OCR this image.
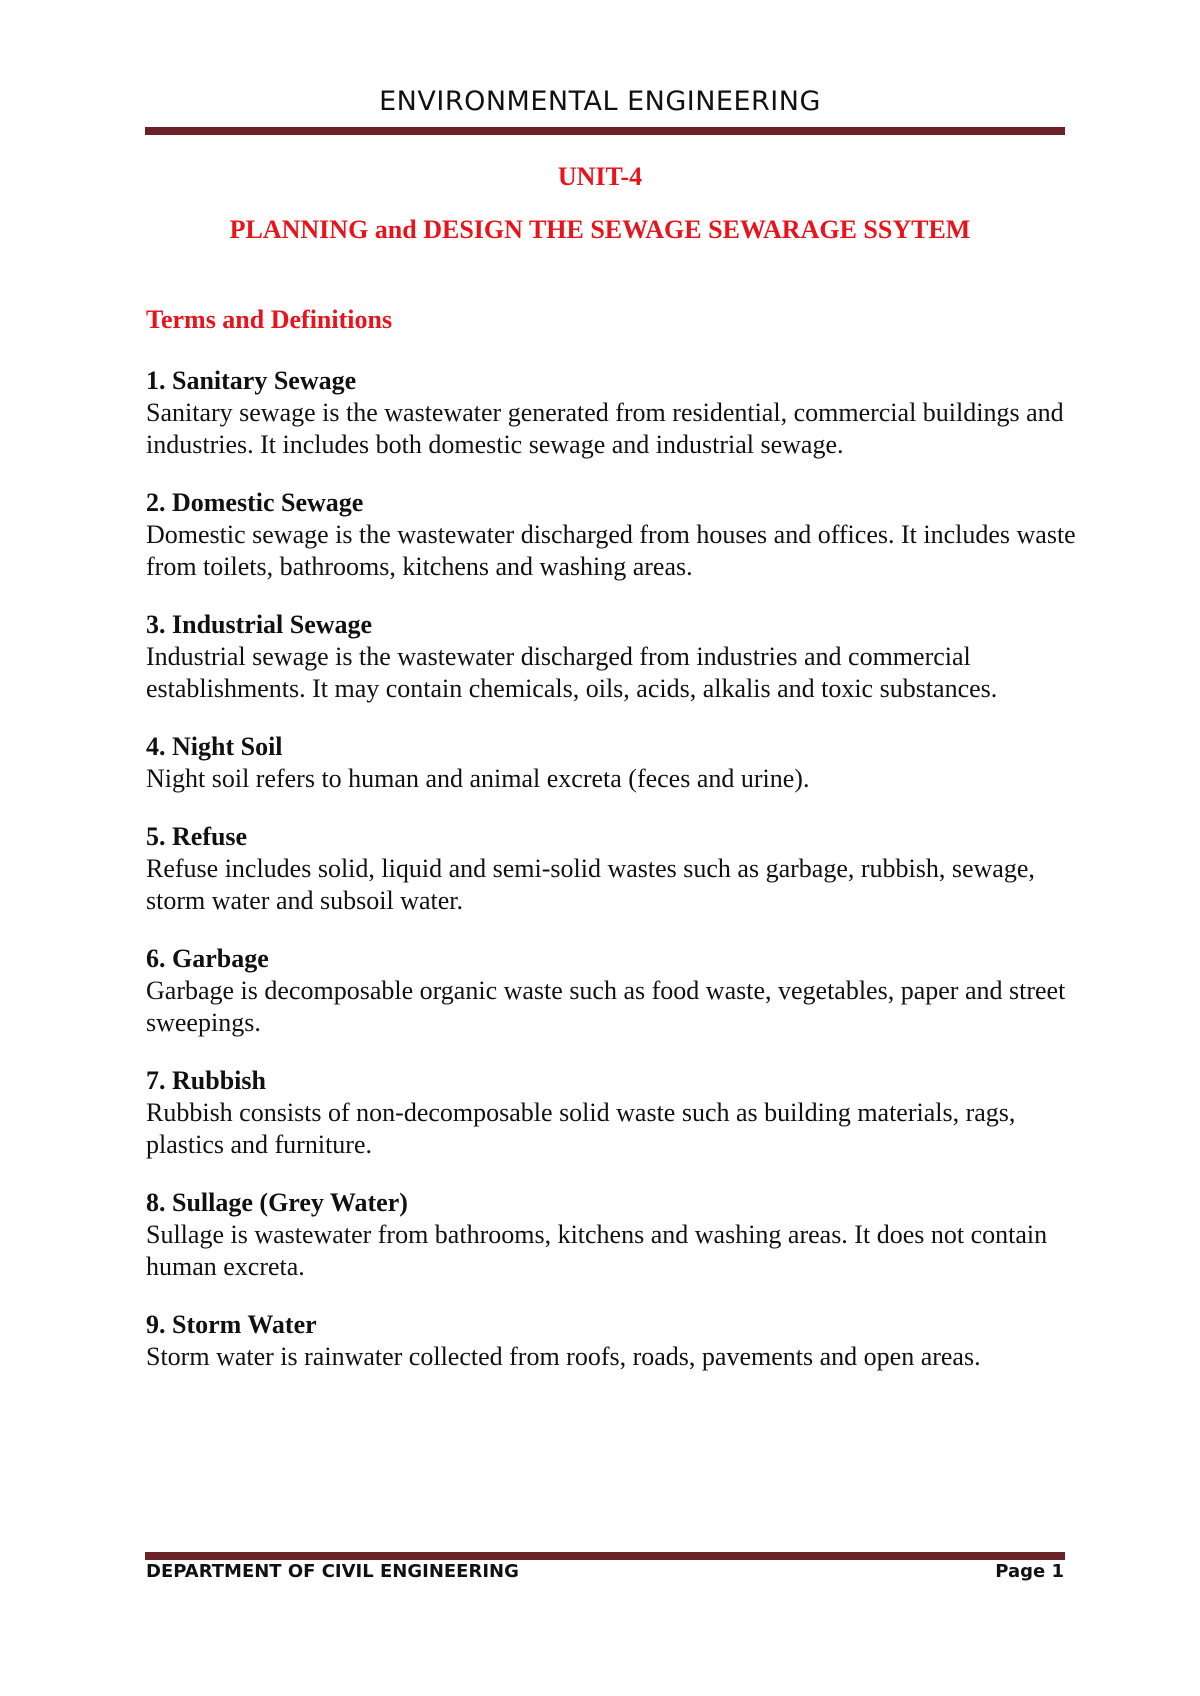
ENVIRONMENTAL ENGINEERING
UNIT-4
PLANNING and DESIGN THE SEWAGE SEWARAGE SSYTEM
Terms and Definitions
1. Sanitary Sewage
Sanitary sewage is the wastewater generated from residential, commercial buildings and industries. It includes both domestic sewage and industrial sewage.
2. Domestic Sewage
Domestic sewage is the wastewater discharged from houses and offices. It includes waste from toilets, bathrooms, kitchens and washing areas.
3. Industrial Sewage
Industrial sewage is the wastewater discharged from industries and commercial establishments. It may contain chemicals, oils, acids, alkalis and toxic substances.
4. Night Soil
Night soil refers to human and animal excreta (feces and urine).
5. Refuse
Refuse includes solid, liquid and semi-solid wastes such as garbage, rubbish, sewage, storm water and subsoil water.
6. Garbage
Garbage is decomposable organic waste such as food waste, vegetables, paper and street sweepings.
7. Rubbish
Rubbish consists of non-decomposable solid waste such as building materials, rags, plastics and furniture.
8. Sullage (Grey Water)
Sullage is wastewater from bathrooms, kitchens and washing areas. It does not contain human excreta.
9. Storm Water
Storm water is rainwater collected from roofs, roads, pavements and open areas.
DEPARTMENT OF CIVIL ENGINEERING	Page 1
